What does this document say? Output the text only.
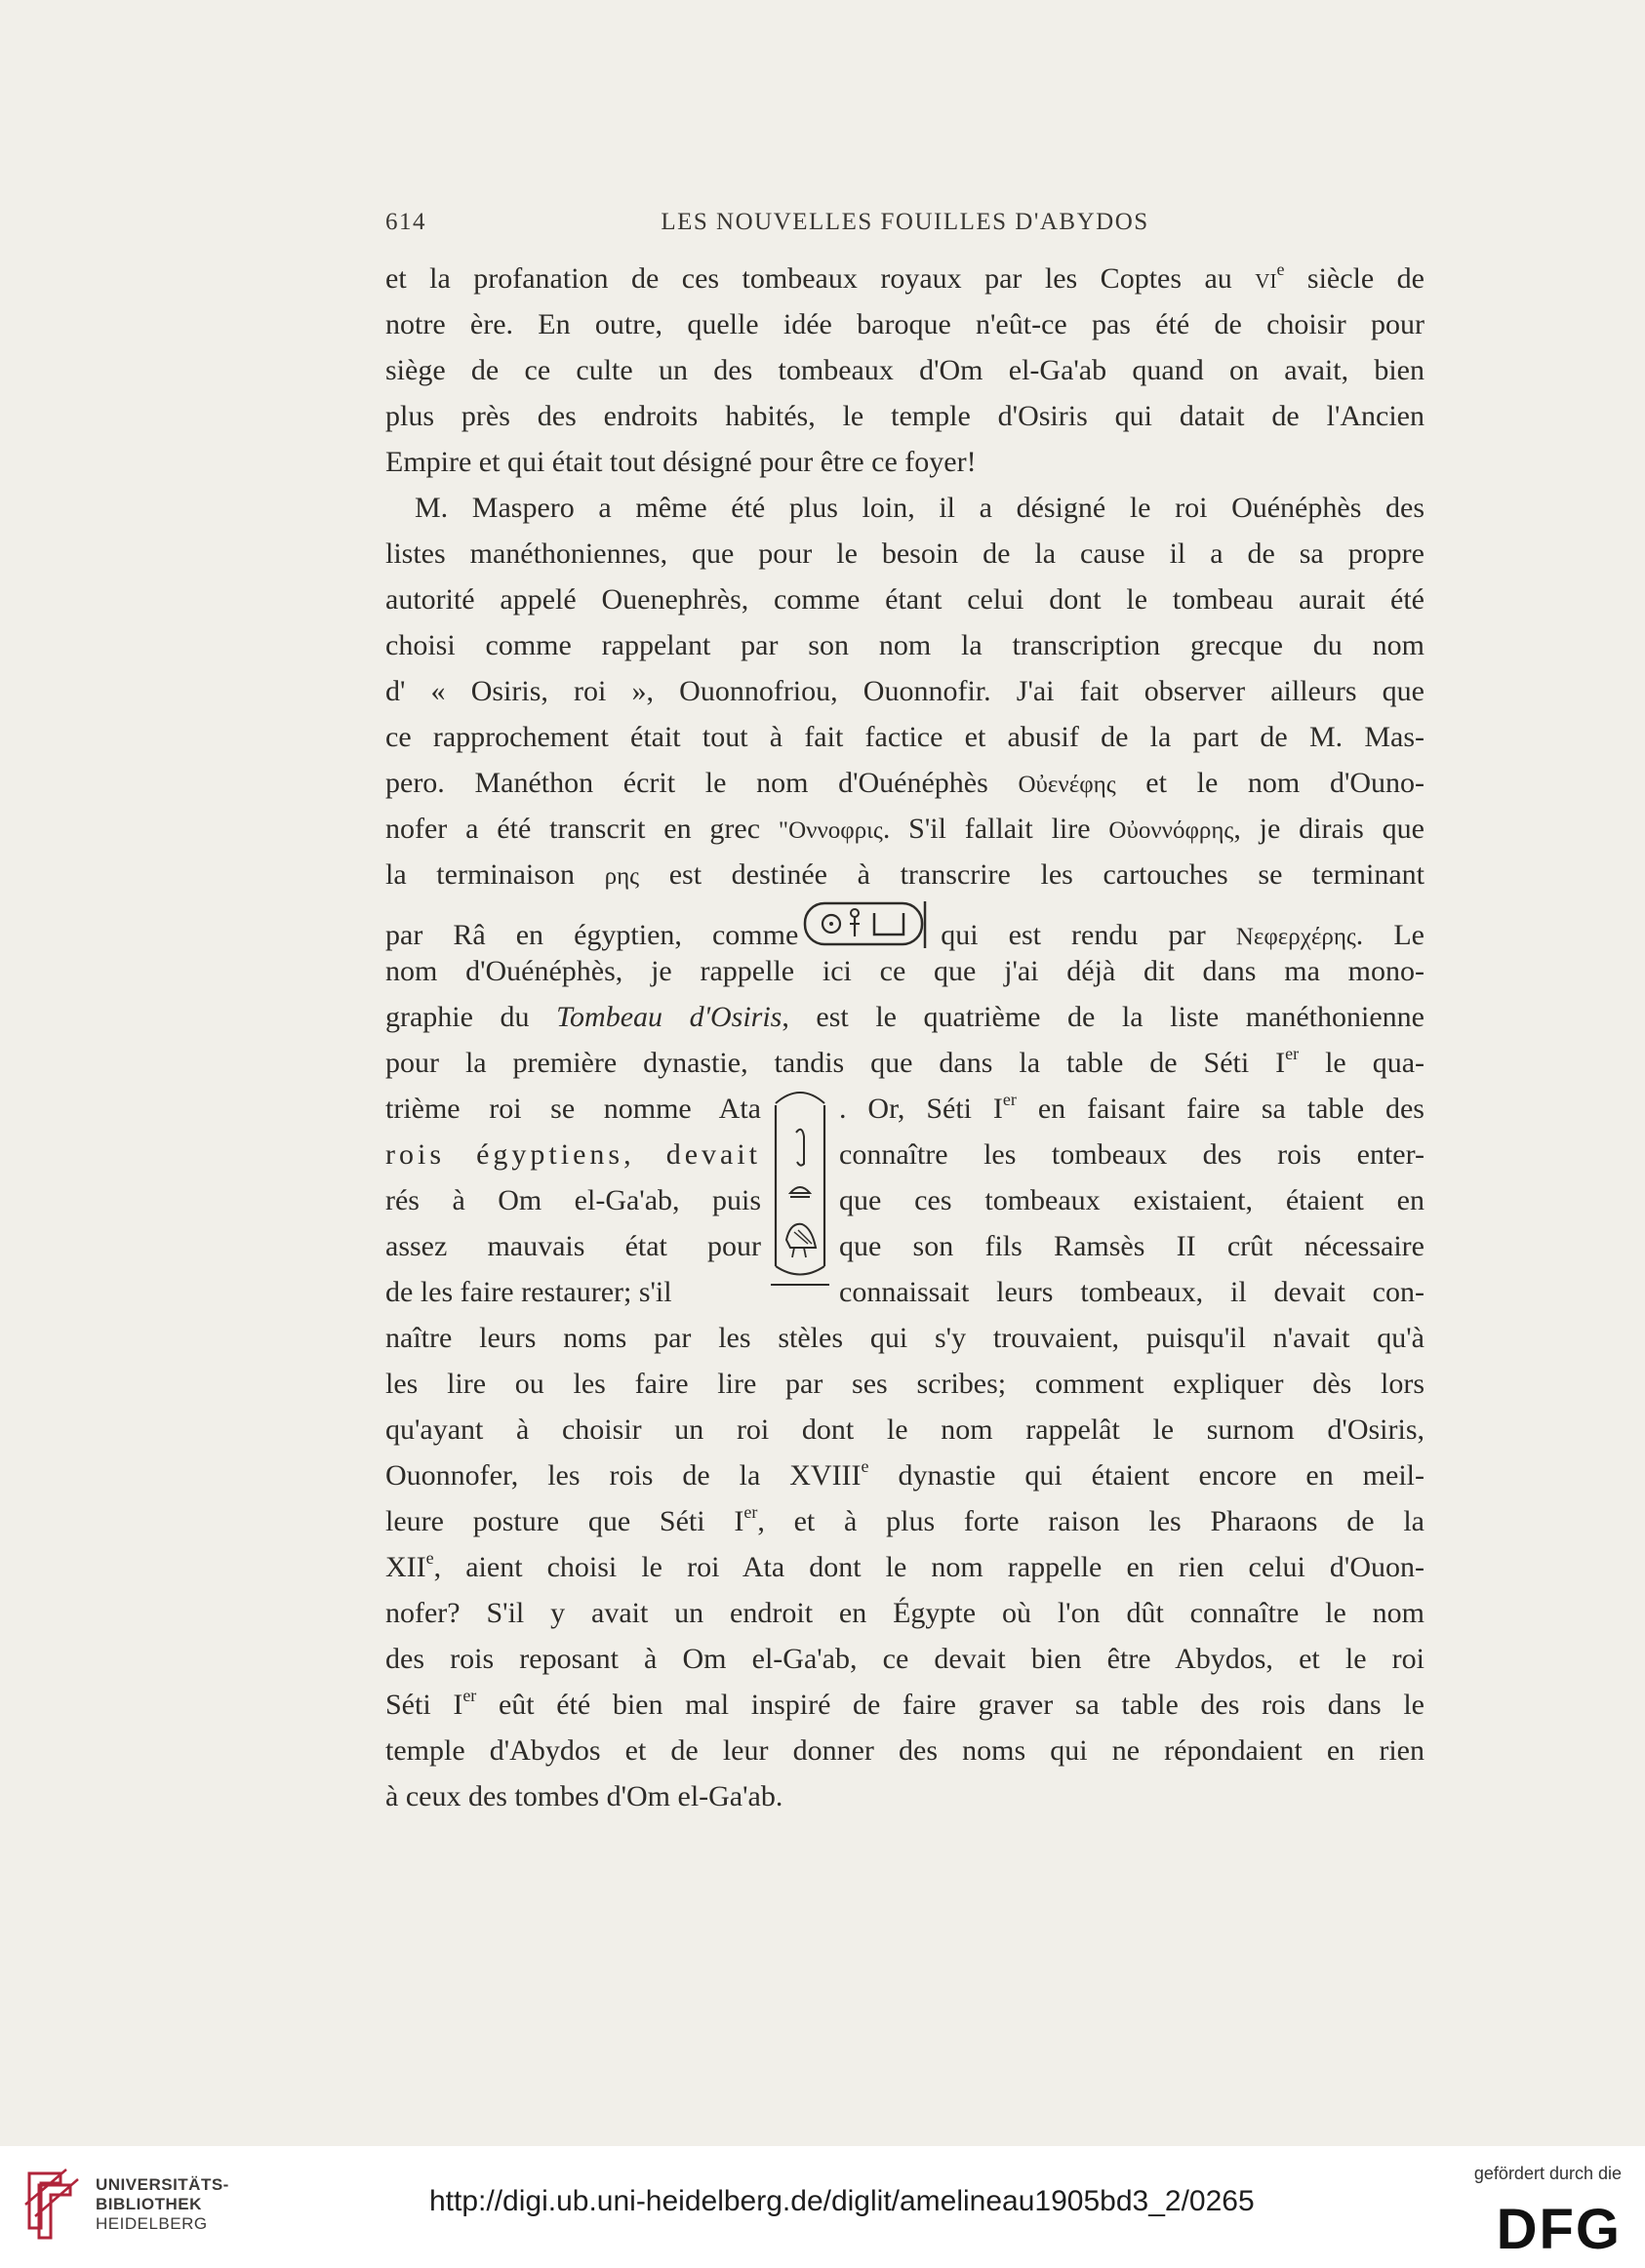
614	LES NOUVELLES FOUILLES D'ABYDOS
et la profanation de ces tombeaux royaux par les Coptes au $vi^e$ siècle de
notre ère. En outre, quelle idée baroque n'eût-ce pas été de choisir pour
siège de ce culte un des tombeaux d'Om el-Ga'ab quand on avait, bien
plus près des endroits habités, le temple d'Osiris qui datait de l'Ancien
Empire et qui était tout désigné pour être ce foyer!
M. Maspero a même été plus loin, il a désigné le roi Ouénéphès des
listes manéthoniennes, que pour le besoin de la cause il a de sa propre
autorité appelé Ouenephrès, comme étant celui dont le tombeau aurait été
choisi comme rappelant par son nom la transcription grecque du nom
d' « Osiris, roi », Ouonnofriou, Ouonnofir. J'ai fait observer ailleurs que
ce rapprochement était tout à fait factice et abusif de la part de M. Mas-
pero. Manéthon écrit le nom d'Ouénéphès Οὐενέφης et le nom d'Ouno-
nofer a été transcrit en grec "Οννοφρις. S'il fallait lire Οὐοννόφρης, je dirais que
la terminaison ρης est destinée à transcrire les cartouches se terminant
par Râ en égyptien, comme	qui est rendu par Νεφερχέρης. Le
nom d'Ouénéphès, je rappelle ici ce que j'ai déjà dit dans ma mono-
graphie du Tombeau d'Osiris, est le quatrième de la liste manéthonienne
pour la première dynastie, tandis que dans la table de Séti Ier le qua-
trième roi se nomme Ata
rois égyptiens, devait
rés à Om el-Ga'ab, puis
assez mauvais état pour
. Or, Séti Ier en faisant faire sa table des
connaître les tombeaux des rois enter-
que ces tombeaux existaient, étaient en
que son fils Ramsès II crût nécessaire
de les faire restaurer; s'il	connaissait leurs tombeaux, il devait con-
naître leurs noms par les stèles qui s'y trouvaient, puisqu'il n'avait qu'à
les lire ou les faire lire par ses scribes; comment expliquer dès lors
qu'ayant à choisir un roi dont le nom rappelât le surnom d'Osiris,
Ouonnofer, les rois de la XVIIIe dynastie qui étaient encore en meil-
leure posture que Séti Ier, et à plus forte raison les Pharaons de la
XIIe, aient choisi le roi Ata dont le nom rappelle en rien celui d'Ouon-
nofer? S'il y avait un endroit en Égypte où l'on dût connaître le nom
des rois reposant à Om el-Ga'ab, ce devait bien être Abydos, et le roi
Séti Ier eût été bien mal inspiré de faire graver sa table des rois dans le
temple d'Abydos et de leur donner des noms qui ne répondaient en rien
à ceux des tombes d'Om el-Ga'ab.
UNIVERSITÄTS-
BIBLIOTHEK
HEIDELBERG
http://digi.ub.uni-heidelberg.de/diglit/amelineau1905bd3_2/0265
gefördert durch die
DFG
